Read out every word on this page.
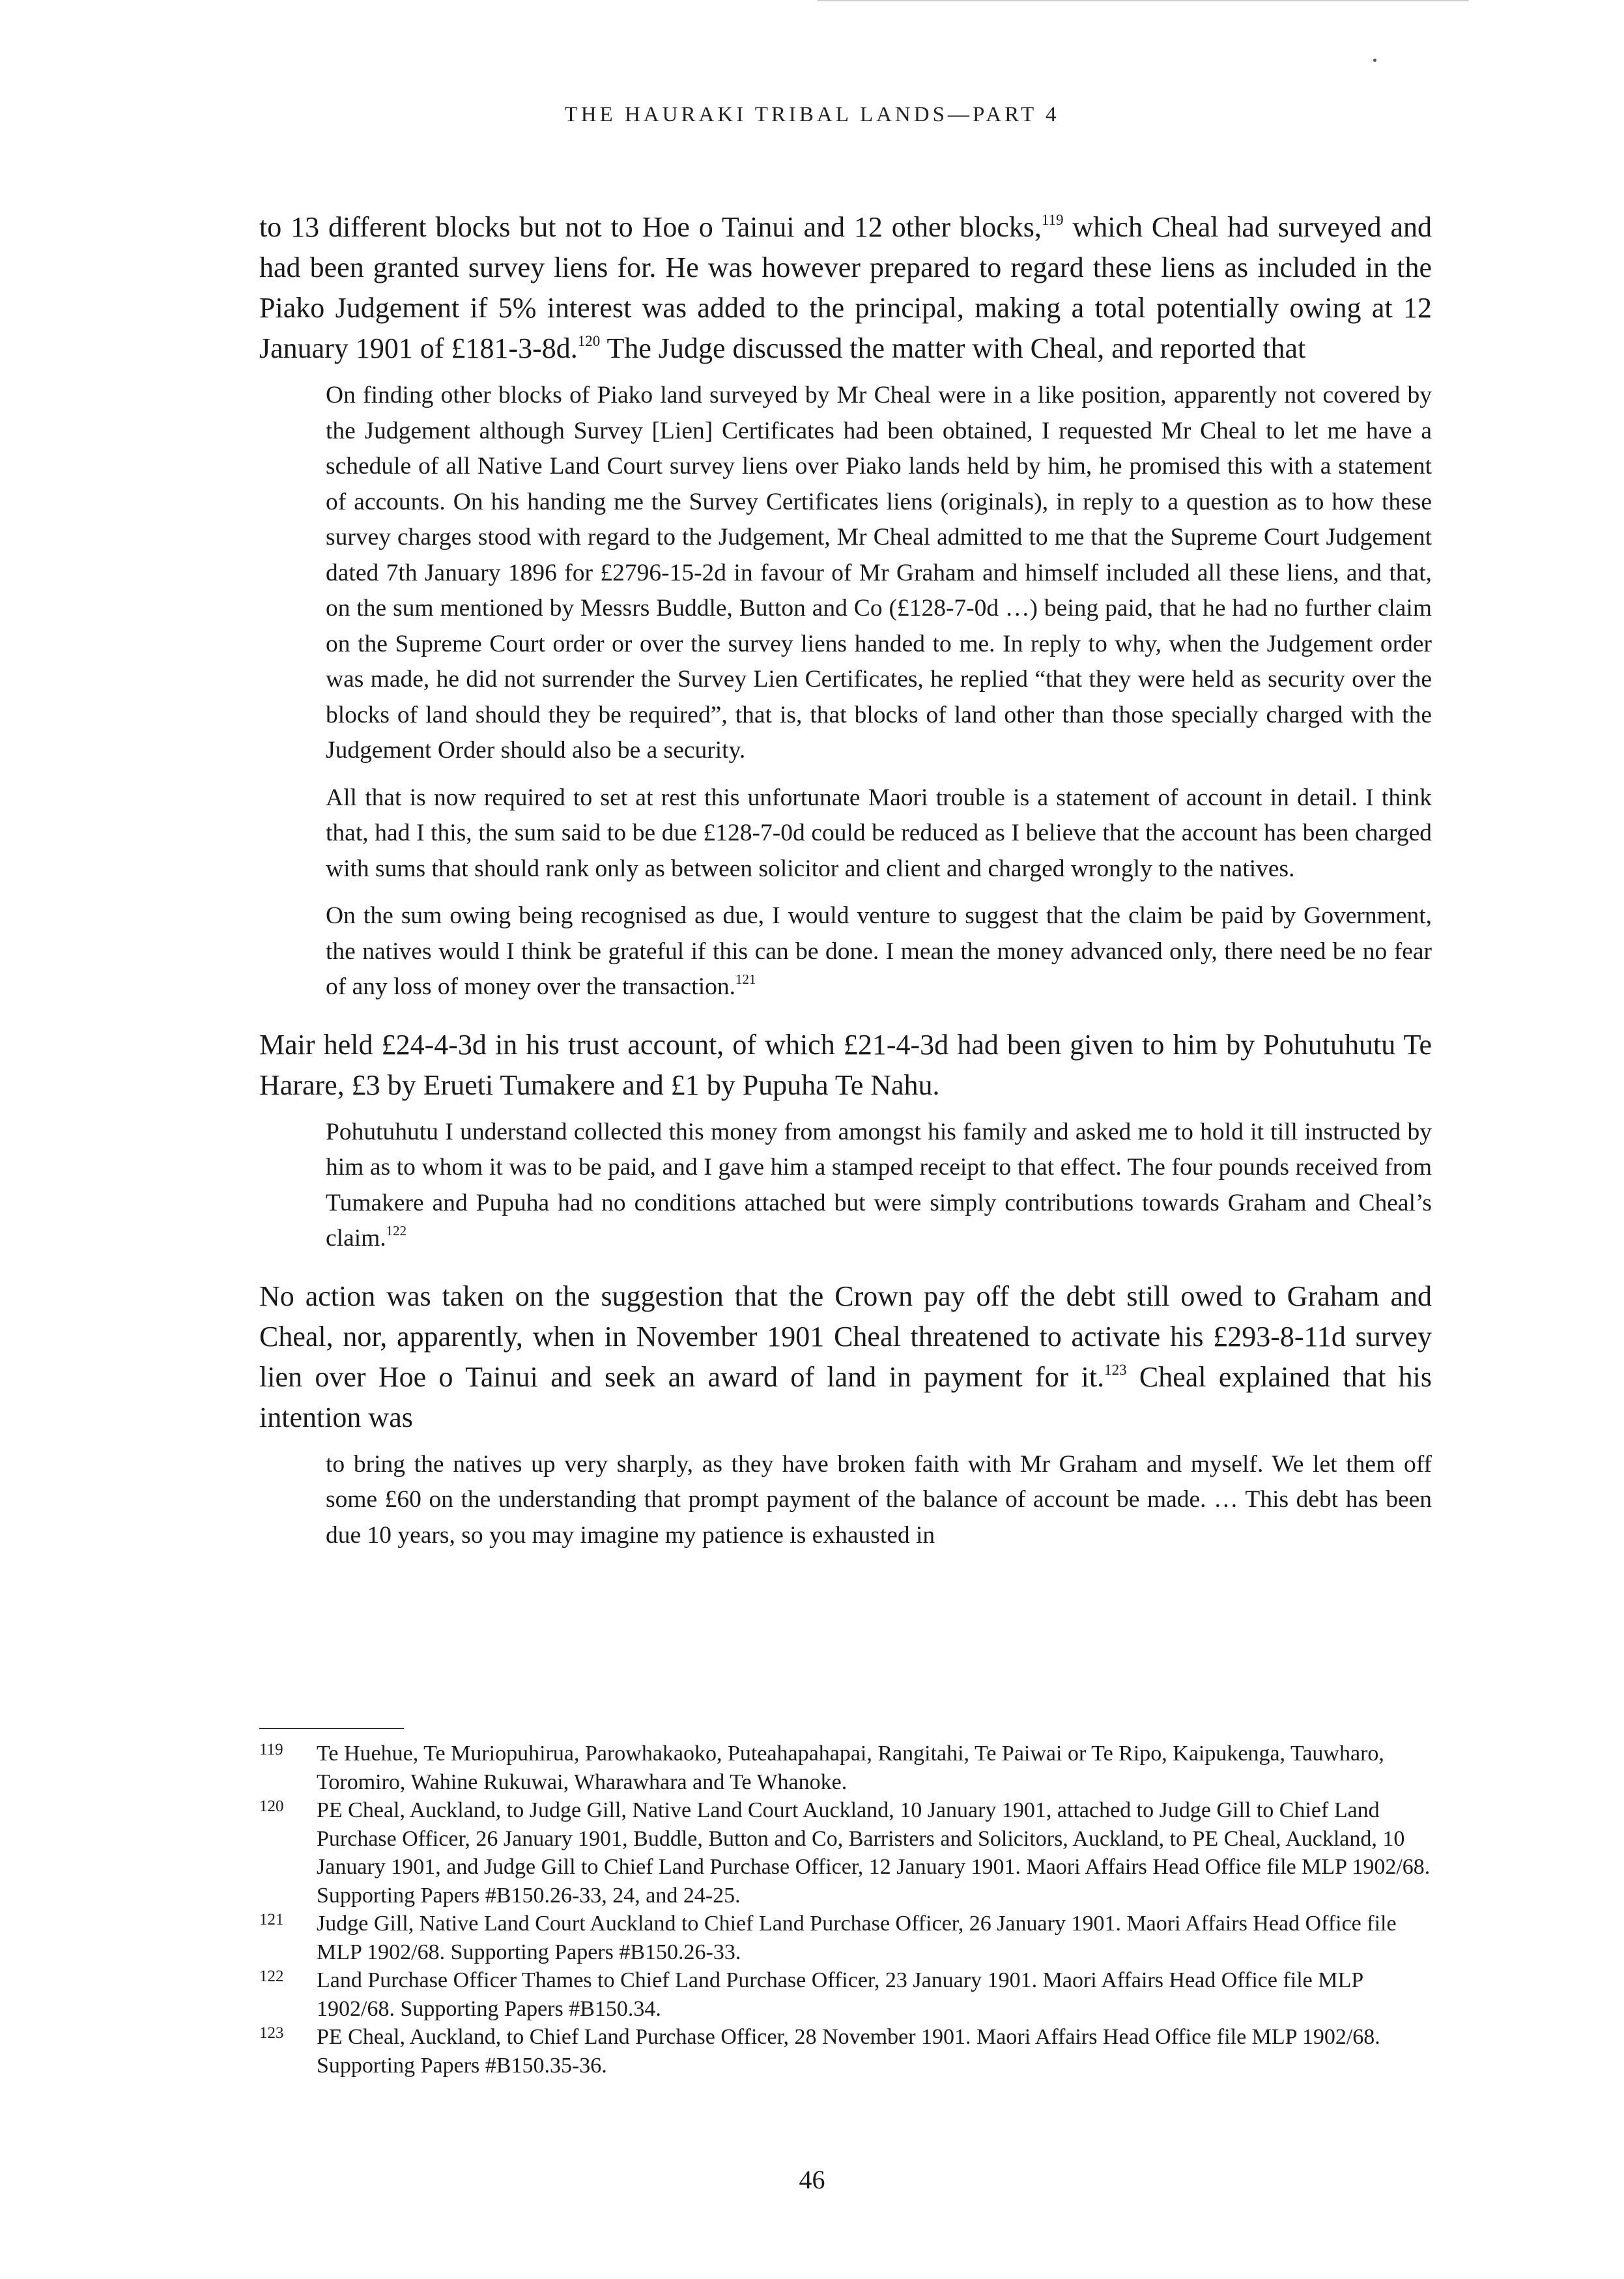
THE HAURAKI TRIBAL LANDS—PART 4

to 13 different blocks but not to Hoe o Tainui and 12 other blocks,$^{119}$ which Cheal had surveyed and had been granted survey liens for. He was however prepared to regard these liens as included in the Piako Judgement if 5% interest was added to the principal, making a total potentially owing at 12 January 1901 of £181-3-8d.$^{120}$ The Judge discussed the matter with Cheal, and reported that

On finding other blocks of Piako land surveyed by Mr Cheal were in a like position, apparently not covered by the Judgement although Survey [Lien] Certificates had been obtained, I requested Mr Cheal to let me have a schedule of all Native Land Court survey liens over Piako lands held by him, he promised this with a statement of accounts. On his handing me the Survey Certificates liens (originals), in reply to a question as to how these survey charges stood with regard to the Judgement, Mr Cheal admitted to me that the Supreme Court Judgement dated 7th January 1896 for £2796-15-2d in favour of Mr Graham and himself included all these liens, and that, on the sum mentioned by Messrs Buddle, Button and Co (£128-7-0d …) being paid, that he had no further claim on the Supreme Court order or over the survey liens handed to me. In reply to why, when the Judgement order was made, he did not surrender the Survey Lien Certificates, he replied “that they were held as security over the blocks of land should they be required”, that is, that blocks of land other than those specially charged with the Judgement Order should also be a security.

All that is now required to set at rest this unfortunate Maori trouble is a statement of account in detail. I think that, had I this, the sum said to be due £128-7-0d could be reduced as I believe that the account has been charged with sums that should rank only as between solicitor and client and charged wrongly to the natives.

On the sum owing being recognised as due, I would venture to suggest that the claim be paid by Government, the natives would I think be grateful if this can be done. I mean the money advanced only, there need be no fear of any loss of money over the transaction.$^{121}$

Mair held £24-4-3d in his trust account, of which £21-4-3d had been given to him by Pohutuhutu Te Harare, £3 by Erueti Tumakere and £1 by Pupuha Te Nahu.

Pohutuhutu I understand collected this money from amongst his family and asked me to hold it till instructed by him as to whom it was to be paid, and I gave him a stamped receipt to that effect. The four pounds received from Tumakere and Pupuha had no conditions attached but were simply contributions towards Graham and Cheal’s claim.$^{122}$

No action was taken on the suggestion that the Crown pay off the debt still owed to Graham and Cheal, nor, apparently, when in November 1901 Cheal threatened to activate his £293-8-11d survey lien over Hoe o Tainui and seek an award of land in payment for it.$^{123}$ Cheal explained that his intention was

to bring the natives up very sharply, as they have broken faith with Mr Graham and myself. We let them off some £60 on the understanding that prompt payment of the balance of account be made. … This debt has been due 10 years, so you may imagine my patience is exhausted in

119 Te Huehue, Te Muriopuhirua, Parowhakaoko, Puteahapahapai, Rangitahi, Te Paiwai or Te Ripo, Kaipukenga, Tauwharo, Toromiro, Wahine Rukuwai, Wharawhara and Te Whanoke.

120 PE Cheal, Auckland, to Judge Gill, Native Land Court Auckland, 10 January 1901, attached to Judge Gill to Chief Land Purchase Officer, 26 January 1901, Buddle, Button and Co, Barristers and Solicitors, Auckland, to PE Cheal, Auckland, 10 January 1901, and Judge Gill to Chief Land Purchase Officer, 12 January 1901. Maori Affairs Head Office file MLP 1902/68. Supporting Papers #B150.26-33, 24, and 24-25.

121 Judge Gill, Native Land Court Auckland to Chief Land Purchase Officer, 26 January 1901. Maori Affairs Head Office file MLP 1902/68. Supporting Papers #B150.26-33.

122 Land Purchase Officer Thames to Chief Land Purchase Officer, 23 January 1901. Maori Affairs Head Office file MLP 1902/68. Supporting Papers #B150.34.

123 PE Cheal, Auckland, to Chief Land Purchase Officer, 28 November 1901. Maori Affairs Head Office file MLP 1902/68. Supporting Papers #B150.35-36.

46
